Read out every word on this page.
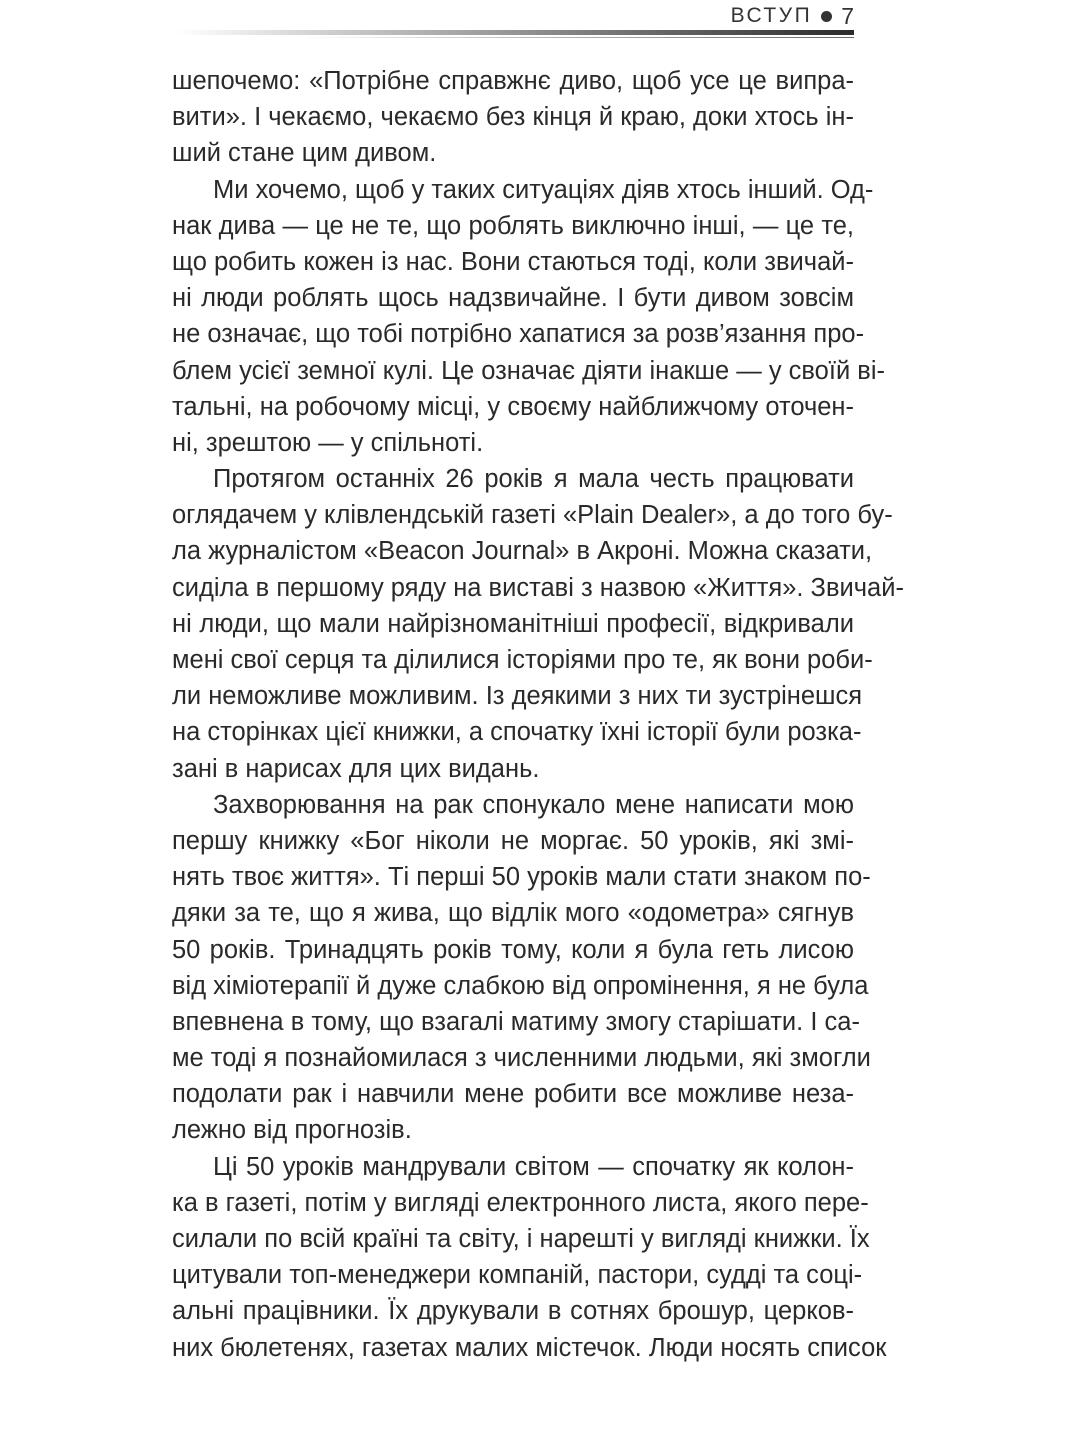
ВСТУП 7
шепочемо: «Потрібне справжнє диво, щоб усе це випра-
вити». І чекаємо, чекаємо без кінця й краю, доки хтось ін-
ший стане цим дивом.
Ми хочемо, щоб у таких ситуаціях діяв хтось інший. Од-
нак дива — це не те, що роблять виключно інші, — це те,
що робить кожен із нас. Вони стаються тоді, коли звичай-
ні люди роблять щось надзвичайне. І бути дивом зовсім
не означає, що тобі потрібно хапатися за розв’язання про-
блем усієї земної кулі. Це означає діяти інакше — у своїй ві-
тальні, на робочому місці, у своєму найближчому оточен-
ні, зрештою — у спільноті.
Протягом останніх 26 років я мала честь працювати
оглядачем у клівлендській газеті «Plain Dealer», а до того бу-
ла журналістом «Beacon Journal» в Акроні. Можна сказати,
сиділа в першому ряду на виставі з назвою «Життя». Звичай-
ні люди, що мали найрізноманітніші професії, відкривали
мені свої серця та ділилися історіями про те, як вони роби-
ли неможливе можливим. Із деякими з них ти зустрінешся
на сторінках цієї книжки, а спочатку їхні історії були розка-
зані в нарисах для цих видань.
Захворювання на рак спонукало мене написати мою
першу книжку «Бог ніколи не моргає. 50 уроків, які змі-
нять твоє життя». Ті перші 50 уроків мали стати знаком по-
дяки за те, що я жива, що відлік мого «одометра» сягнув
50 років. Тринадцять років тому, коли я була геть лисою
від хіміотерапії й дуже слабкою від опромінення, я не була
впевнена в тому, що взагалі матиму змогу старішати. І са-
ме тоді я познайомилася з численними людьми, які змогли
подолати рак і навчили мене робити все можливе неза-
лежно від прогнозів.
Ці 50 уроків мандрували світом — спочатку як колон-
ка в газеті, потім у вигляді електронного листа, якого пере-
силали по всій країні та світу, і нарешті у вигляді книжки. Їх
цитували топ-менеджери компаній, пастори, судді та соці-
альні працівники. Їх друкували в сотнях брошур, церков-
них бюлетенях, газетах малих містечок. Люди носять список
